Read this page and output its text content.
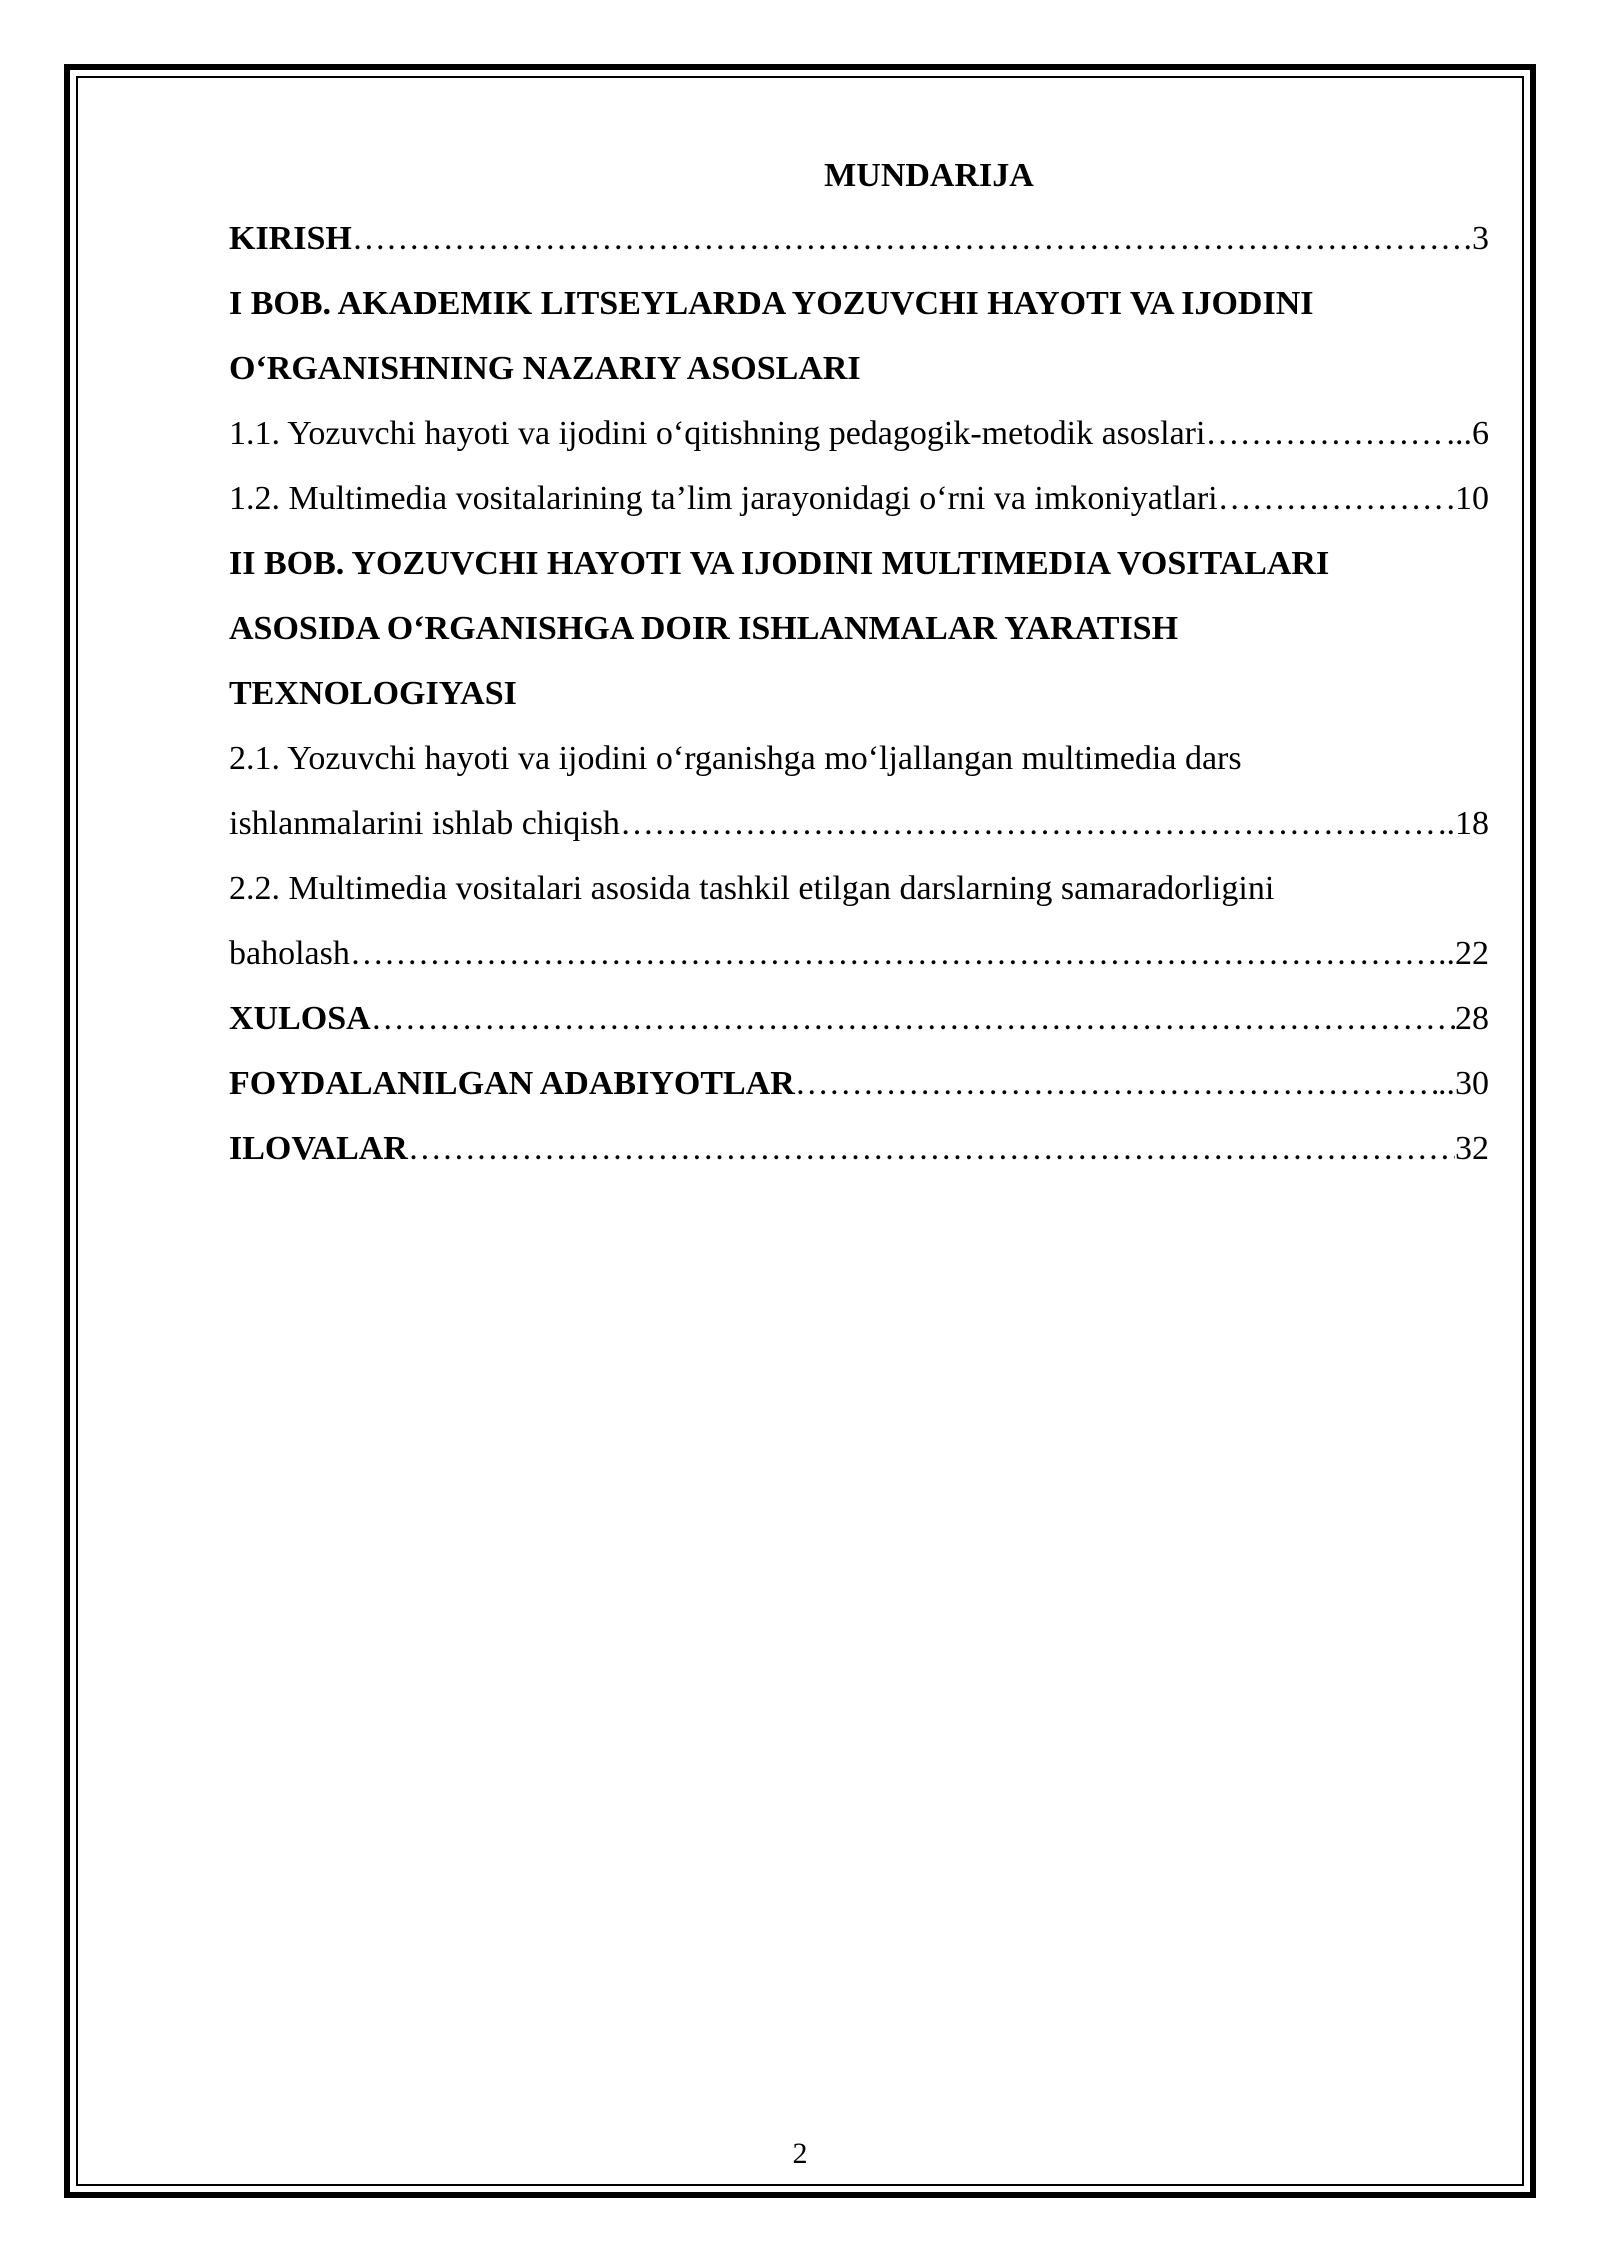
MUNDARIJA
KIRISH ……………………………………………………………………………………………………………………………………………………………………………………………	.3
I BOB. AKADEMIK LITSEYLARDA YOZUVCHI HAYOTI VA IJODINI
O‘RGANISHNING NAZARIY ASOSLARI
1.1. Yozuvchi hayoti va ijodini o‘qitishning pedagogik-metodik asoslari ……………………………………………………………………………………………………………………………………………………………………………………………	...6
1.2. Multimedia vositalarining ta’lim jarayonidagi o‘rni va imkoniyatlari ……………………………………………………………………………………………………………………………………………………………………………………………	.10
II BOB. YOZUVCHI HAYOTI VA IJODINI MULTIMEDIA VOSITALARI
ASOSIDA O‘RGANISHGA DOIR ISHLANMALAR YARATISH
TEXNOLOGIYASI
2.1. Yozuvchi hayoti va ijodini o‘rganishga mo‘ljallangan multimedia dars
ishlanmalarini ishlab chiqish ……………………………………………………………………………………………………………………………………………………………………………………………	..18
2.2. Multimedia vositalari asosida tashkil etilgan darslarning samaradorligini
baholash ……………………………………………………………………………………………………………………………………………………………………………………………	..22
XULOSA ……………………………………………………………………………………………………………………………………………………………………………………………	28
FOYDALANILGAN ADABIYOTLAR ……………………………………………………………………………………………………………………………………………………………………………………………	..30
ILOVALAR ……………………………………………………………………………………………………………………………………………………………………………………………	32
2
